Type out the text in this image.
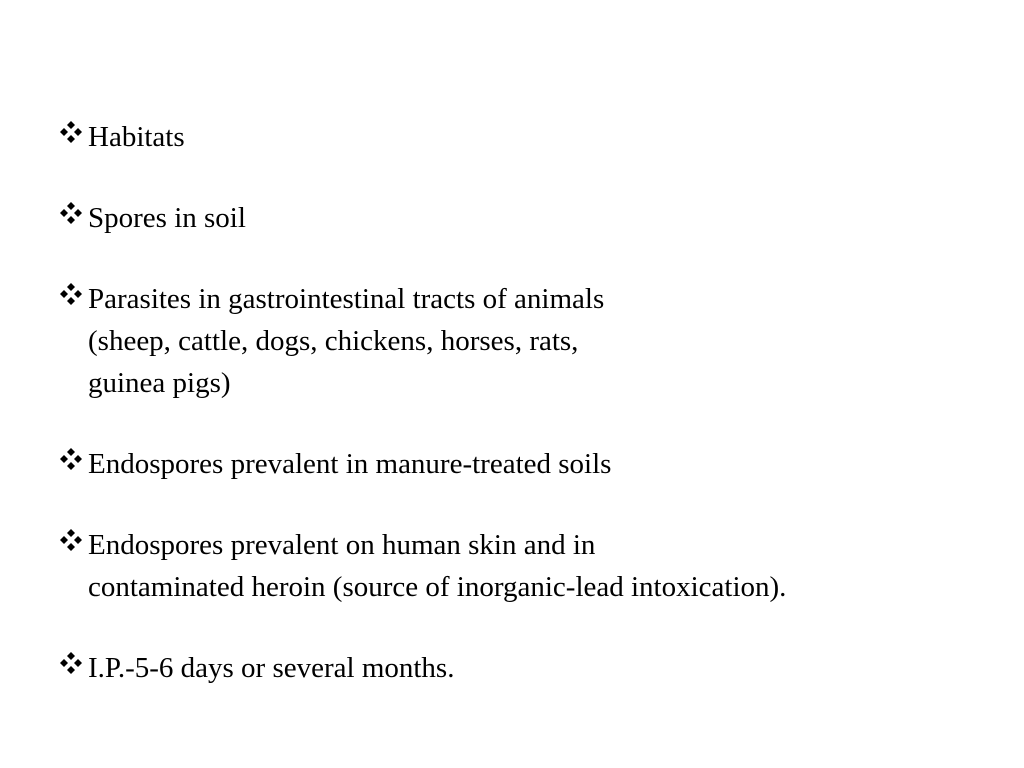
Habitats
Spores in soil
Parasites in gastrointestinal tracts of animals
(sheep, cattle, dogs, chickens, horses, rats,
guinea pigs)
Endospores prevalent in manure-treated soils
Endospores prevalent on human skin and in
contaminated heroin (source of inorganic-lead intoxication).
I.P.-5-6 days or several months.
